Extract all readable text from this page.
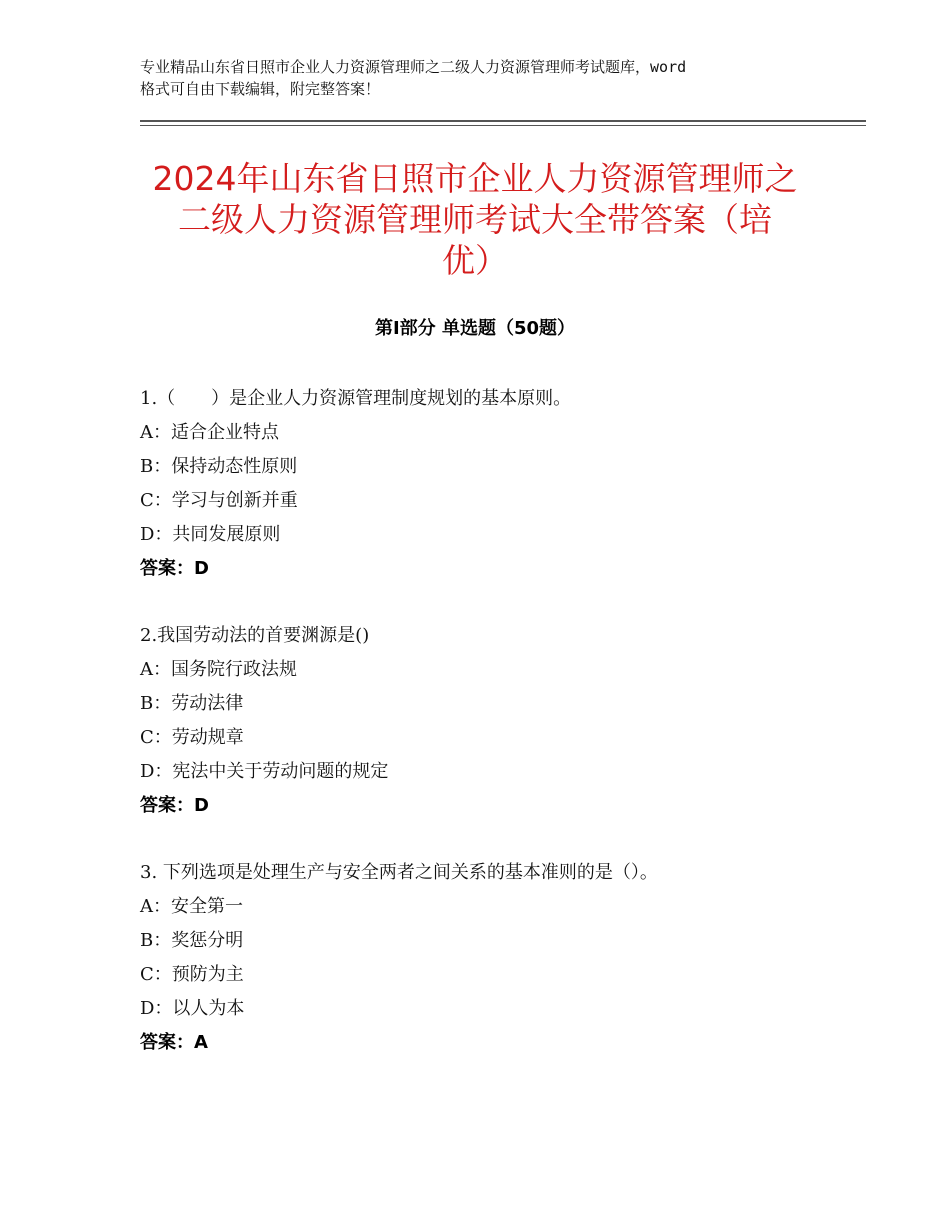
专业精品山东省日照市企业人力资源管理师之二级人力资源管理师考试题库，word
格式可自由下载编辑，附完整答案！
2024年山东省日照市企业人力资源管理师之
二级人力资源管理师考试大全带答案（培
优）
第Ⅰ部分 单选题（50题）
1.（　　）是企业人力资源管理制度规划的基本原则。
A：适合企业特点
B：保持动态性原则
C：学习与创新并重
D：共同发展原则
答案：D
2.我国劳动法的首要渊源是()
A：国务院行政法规
B：劳动法律
C：劳动规章
D：宪法中关于劳动问题的规定
答案：D
3. 下列选项是处理生产与安全两者之间关系的基本准则的是（）。
A：安全第一
B：奖惩分明
C：预防为主
D：以人为本
答案：A
